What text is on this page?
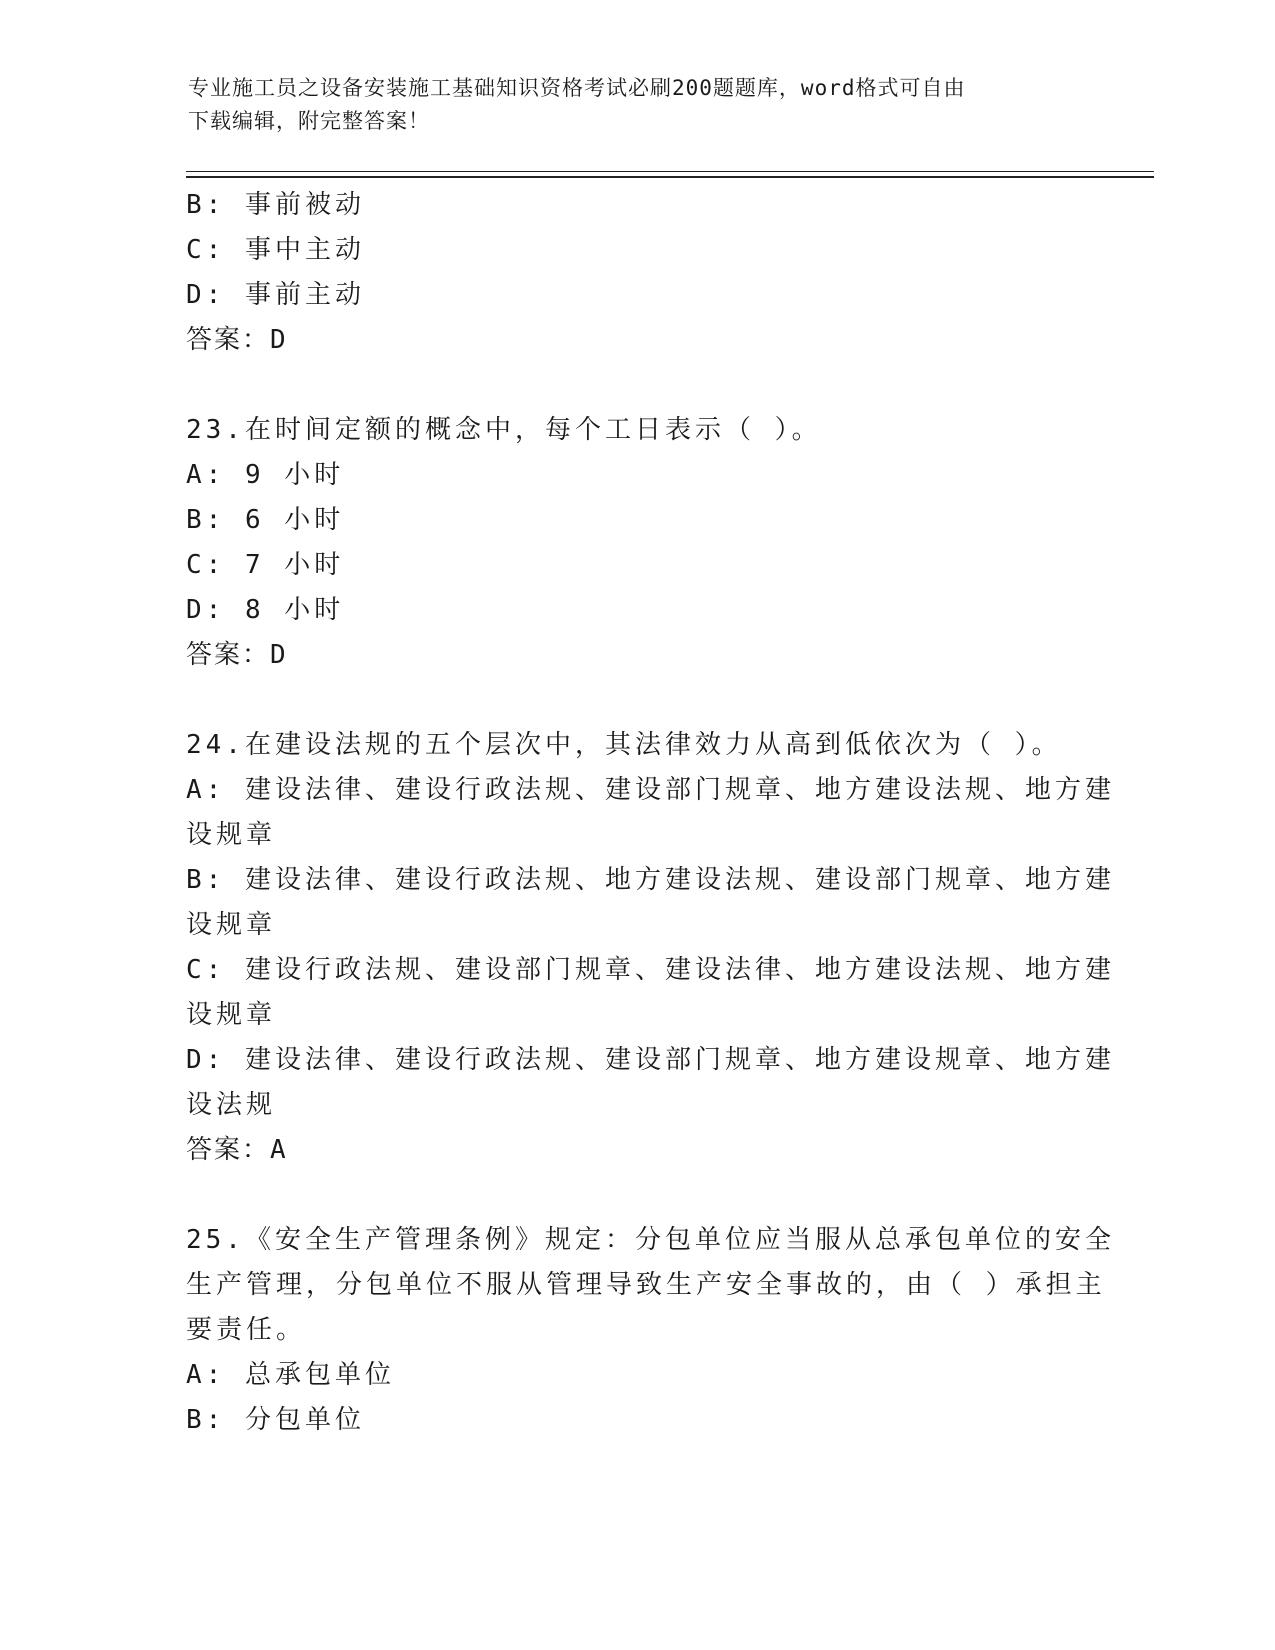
专业施工员之设备安装施工基础知识资格考试必刷200题题库，word格式可自由
下载编辑，附完整答案！
B: 事前被动
C: 事中主动
D: 事前主动
答案：D
23.在时间定额的概念中，每个工日表示（ ）。
A: 9 小时
B: 6 小时
C: 7 小时
D: 8 小时
答案：D
24.在建设法规的五个层次中，其法律效力从高到低依次为（ ）。
A: 建设法律、建设行政法规、建设部门规章、地方建设法规、地方建
设规章
B: 建设法律、建设行政法规、地方建设法规、建设部门规章、地方建
设规章
C: 建设行政法规、建设部门规章、建设法律、地方建设法规、地方建
设规章
D: 建设法律、建设行政法规、建设部门规章、地方建设规章、地方建
设法规
答案：A
25.《安全生产管理条例》规定：分包单位应当服从总承包单位的安全
生产管理，分包单位不服从管理导致生产安全事故的，由（ ）承担主
要责任。
A: 总承包单位
B: 分包单位
